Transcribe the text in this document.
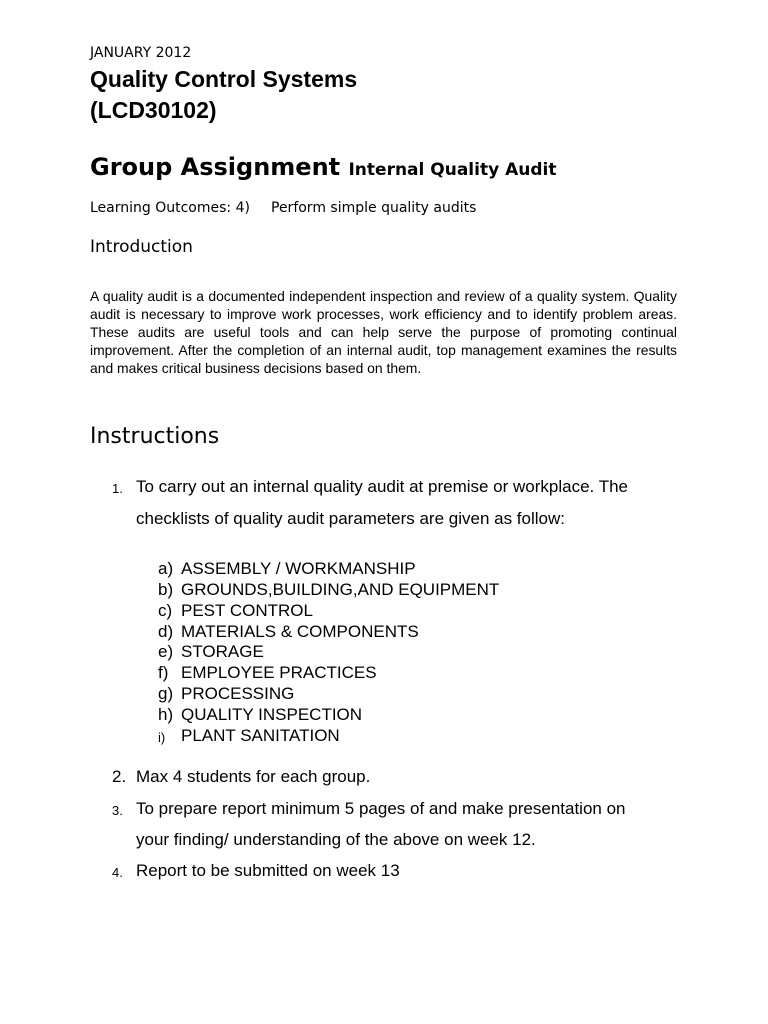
JANUARY 2012
Quality Control Systems
(LCD30102)
Group Assignment Internal Quality Audit
Learning Outcomes: 4) Perform simple quality audits
Introduction

A quality audit is a documented independent inspection and review of a quality system. Quality audit is necessary to improve work processes, work efficiency and to identify problem areas. These audits are useful tools and can help serve the purpose of promoting continual improvement. After the completion of an internal audit, top management examines the results and makes critical business decisions based on them.

Instructions
1. To carry out an internal quality audit at premise or workplace. The
checklists of quality audit parameters are given as follow:
a) ASSEMBLY / WORKMANSHIP
b) GROUNDS,BUILDING,AND EQUIPMENT
c) PEST CONTROL
d) MATERIALS & COMPONENTS
e) STORAGE
f) EMPLOYEE PRACTICES
g) PROCESSING
h) QUALITY INSPECTION
i) PLANT SANITATION
2. Max 4 students for each group.
3. To prepare report minimum 5 pages of and make presentation on
your finding/ understanding of the above on week 12.
4. Report to be submitted on week 13
